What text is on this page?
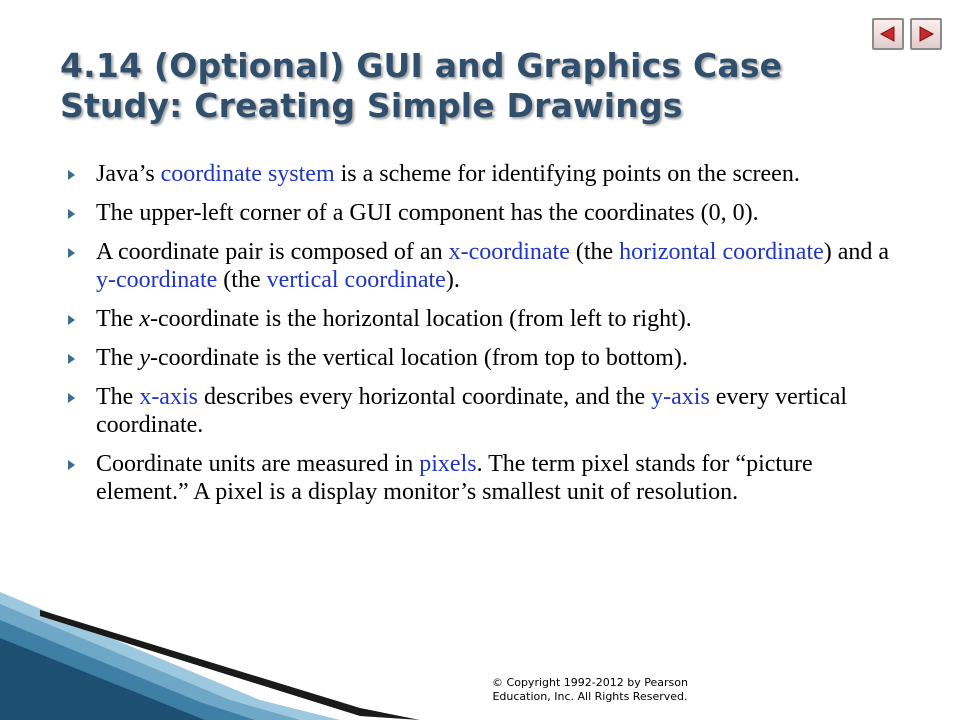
4.14 (Optional) GUI and Graphics Case Study: Creating Simple Drawings
Java’s coordinate system is a scheme for identifying points on the screen.
The upper-left corner of a GUI component has the coordinates (0, 0).
A coordinate pair is composed of an x-coordinate (the horizontal coordinate) and a y-coordinate (the vertical coordinate).
The x-coordinate is the horizontal location (from left to right).
The y-coordinate is the vertical location (from top to bottom).
The x-axis describes every horizontal coordinate, and the y-axis every vertical coordinate.
Coordinate units are measured in pixels. The term pixel stands for “picture element.” A pixel is a display monitor’s smallest unit of resolution.
© Copyright 1992-2012 by Pearson
Education, Inc. All Rights Reserved.
